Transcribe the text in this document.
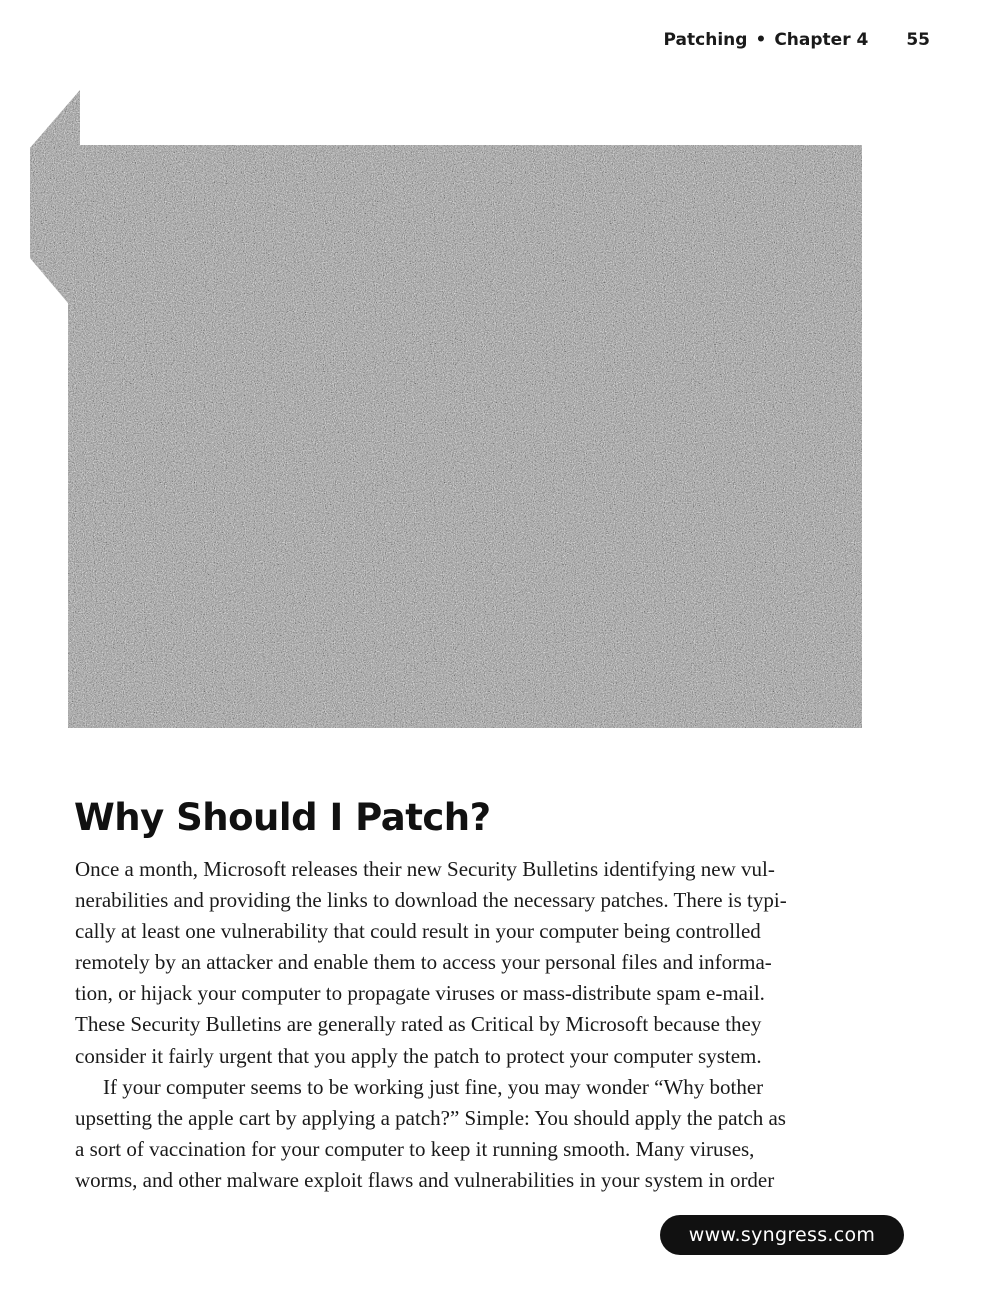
Patching • Chapter 4 55
Why Should I Patch?
Once a month, Microsoft releases their new Security Bulletins identifying new vul-
nerabilities and providing the links to download the necessary patches. There is typi-
cally at least one vulnerability that could result in your computer being controlled
remotely by an attacker and enable them to access your personal files and informa-
tion, or hijack your computer to propagate viruses or mass-distribute spam e-mail.
These Security Bulletins are generally rated as Critical by Microsoft because they
consider it fairly urgent that you apply the patch to protect your computer system.
If your computer seems to be working just fine, you may wonder “Why bother
upsetting the apple cart by applying a patch?” Simple: You should apply the patch as
a sort of vaccination for your computer to keep it running smooth. Many viruses,
worms, and other malware exploit flaws and vulnerabilities in your system in order
www.syngress.com
